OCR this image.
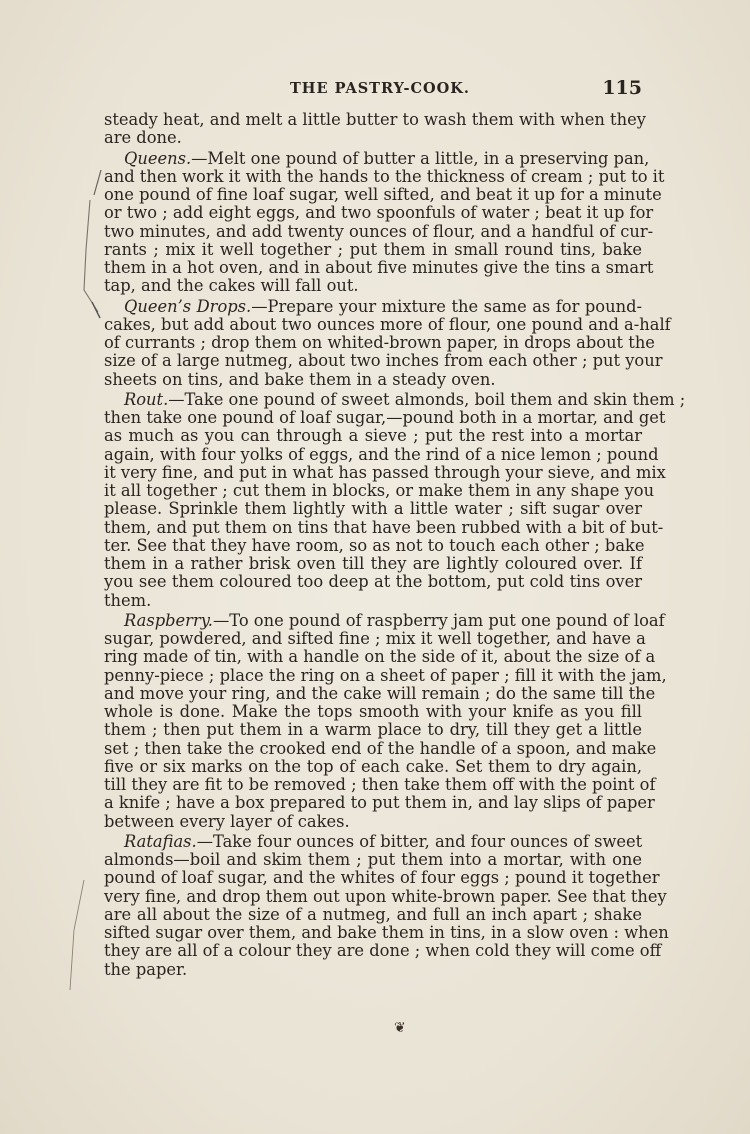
THE PASTRY-COOK.	115
steady heat, and melt a little butter to wash them with when they
are done.
Queens.—Melt one pound of butter a little, in a preserving pan,
and then work it with the hands to the thickness of cream ; put to it
one pound of fine loaf sugar, well sifted, and beat it up for a minute
or two ; add eight eggs, and two spoonfuls of water ; beat it up for
two minutes, and add twenty ounces of flour, and a handful of cur-
rants ; mix it well together ; put them in small round tins, bake
them in a hot oven, and in about five minutes give the tins a smart
tap, and the cakes will fall out.
Queen’s Drops.—Prepare your mixture the same as for pound-
cakes, but add about two ounces more of flour, one pound and a-half
of currants ; drop them on whited-brown paper, in drops about the
size of a large nutmeg, about two inches from each other ; put your
sheets on tins, and bake them in a steady oven.
Rout.—Take one pound of sweet almonds, boil them and skin them ;
then take one pound of loaf sugar,—pound both in a mortar, and get
as much as you can through a sieve ; put the rest into a mortar
again, with four yolks of eggs, and the rind of a nice lemon ; pound
it very fine, and put in what has passed through your sieve, and mix
it all together ; cut them in blocks, or make them in any shape you
please. Sprinkle them lightly with a little water ; sift sugar over
them, and put them on tins that have been rubbed with a bit of but-
ter. See that they have room, so as not to touch each other ; bake
them in a rather brisk oven till they are lightly coloured over. If
you see them coloured too deep at the bottom, put cold tins over
them.
Raspberry.—To one pound of raspberry jam put one pound of loaf
sugar, powdered, and sifted fine ; mix it well together, and have a
ring made of tin, with a handle on the side of it, about the size of a
penny-piece ; place the ring on a sheet of paper ; fill it with the jam,
and move your ring, and the cake will remain ; do the same till the
whole is done. Make the tops smooth with your knife as you fill
them ; then put them in a warm place to dry, till they get a little
set ; then take the crooked end of the handle of a spoon, and make
five or six marks on the top of each cake. Set them to dry again,
till they are fit to be removed ; then take them off with the point of
a knife ; have a box prepared to put them in, and lay slips of paper
between every layer of cakes.
Ratafias.—Take four ounces of bitter, and four ounces of sweet
almonds—boil and skim them ; put them into a mortar, with one
pound of loaf sugar, and the whites of four eggs ; pound it together
very fine, and drop them out upon white-brown paper. See that they
are all about the size of a nutmeg, and full an inch apart ; shake
sifted sugar over them, and bake them in tins, in a slow oven : when
they are all of a colour they are done ; when cold they will come off
the paper.
❦
